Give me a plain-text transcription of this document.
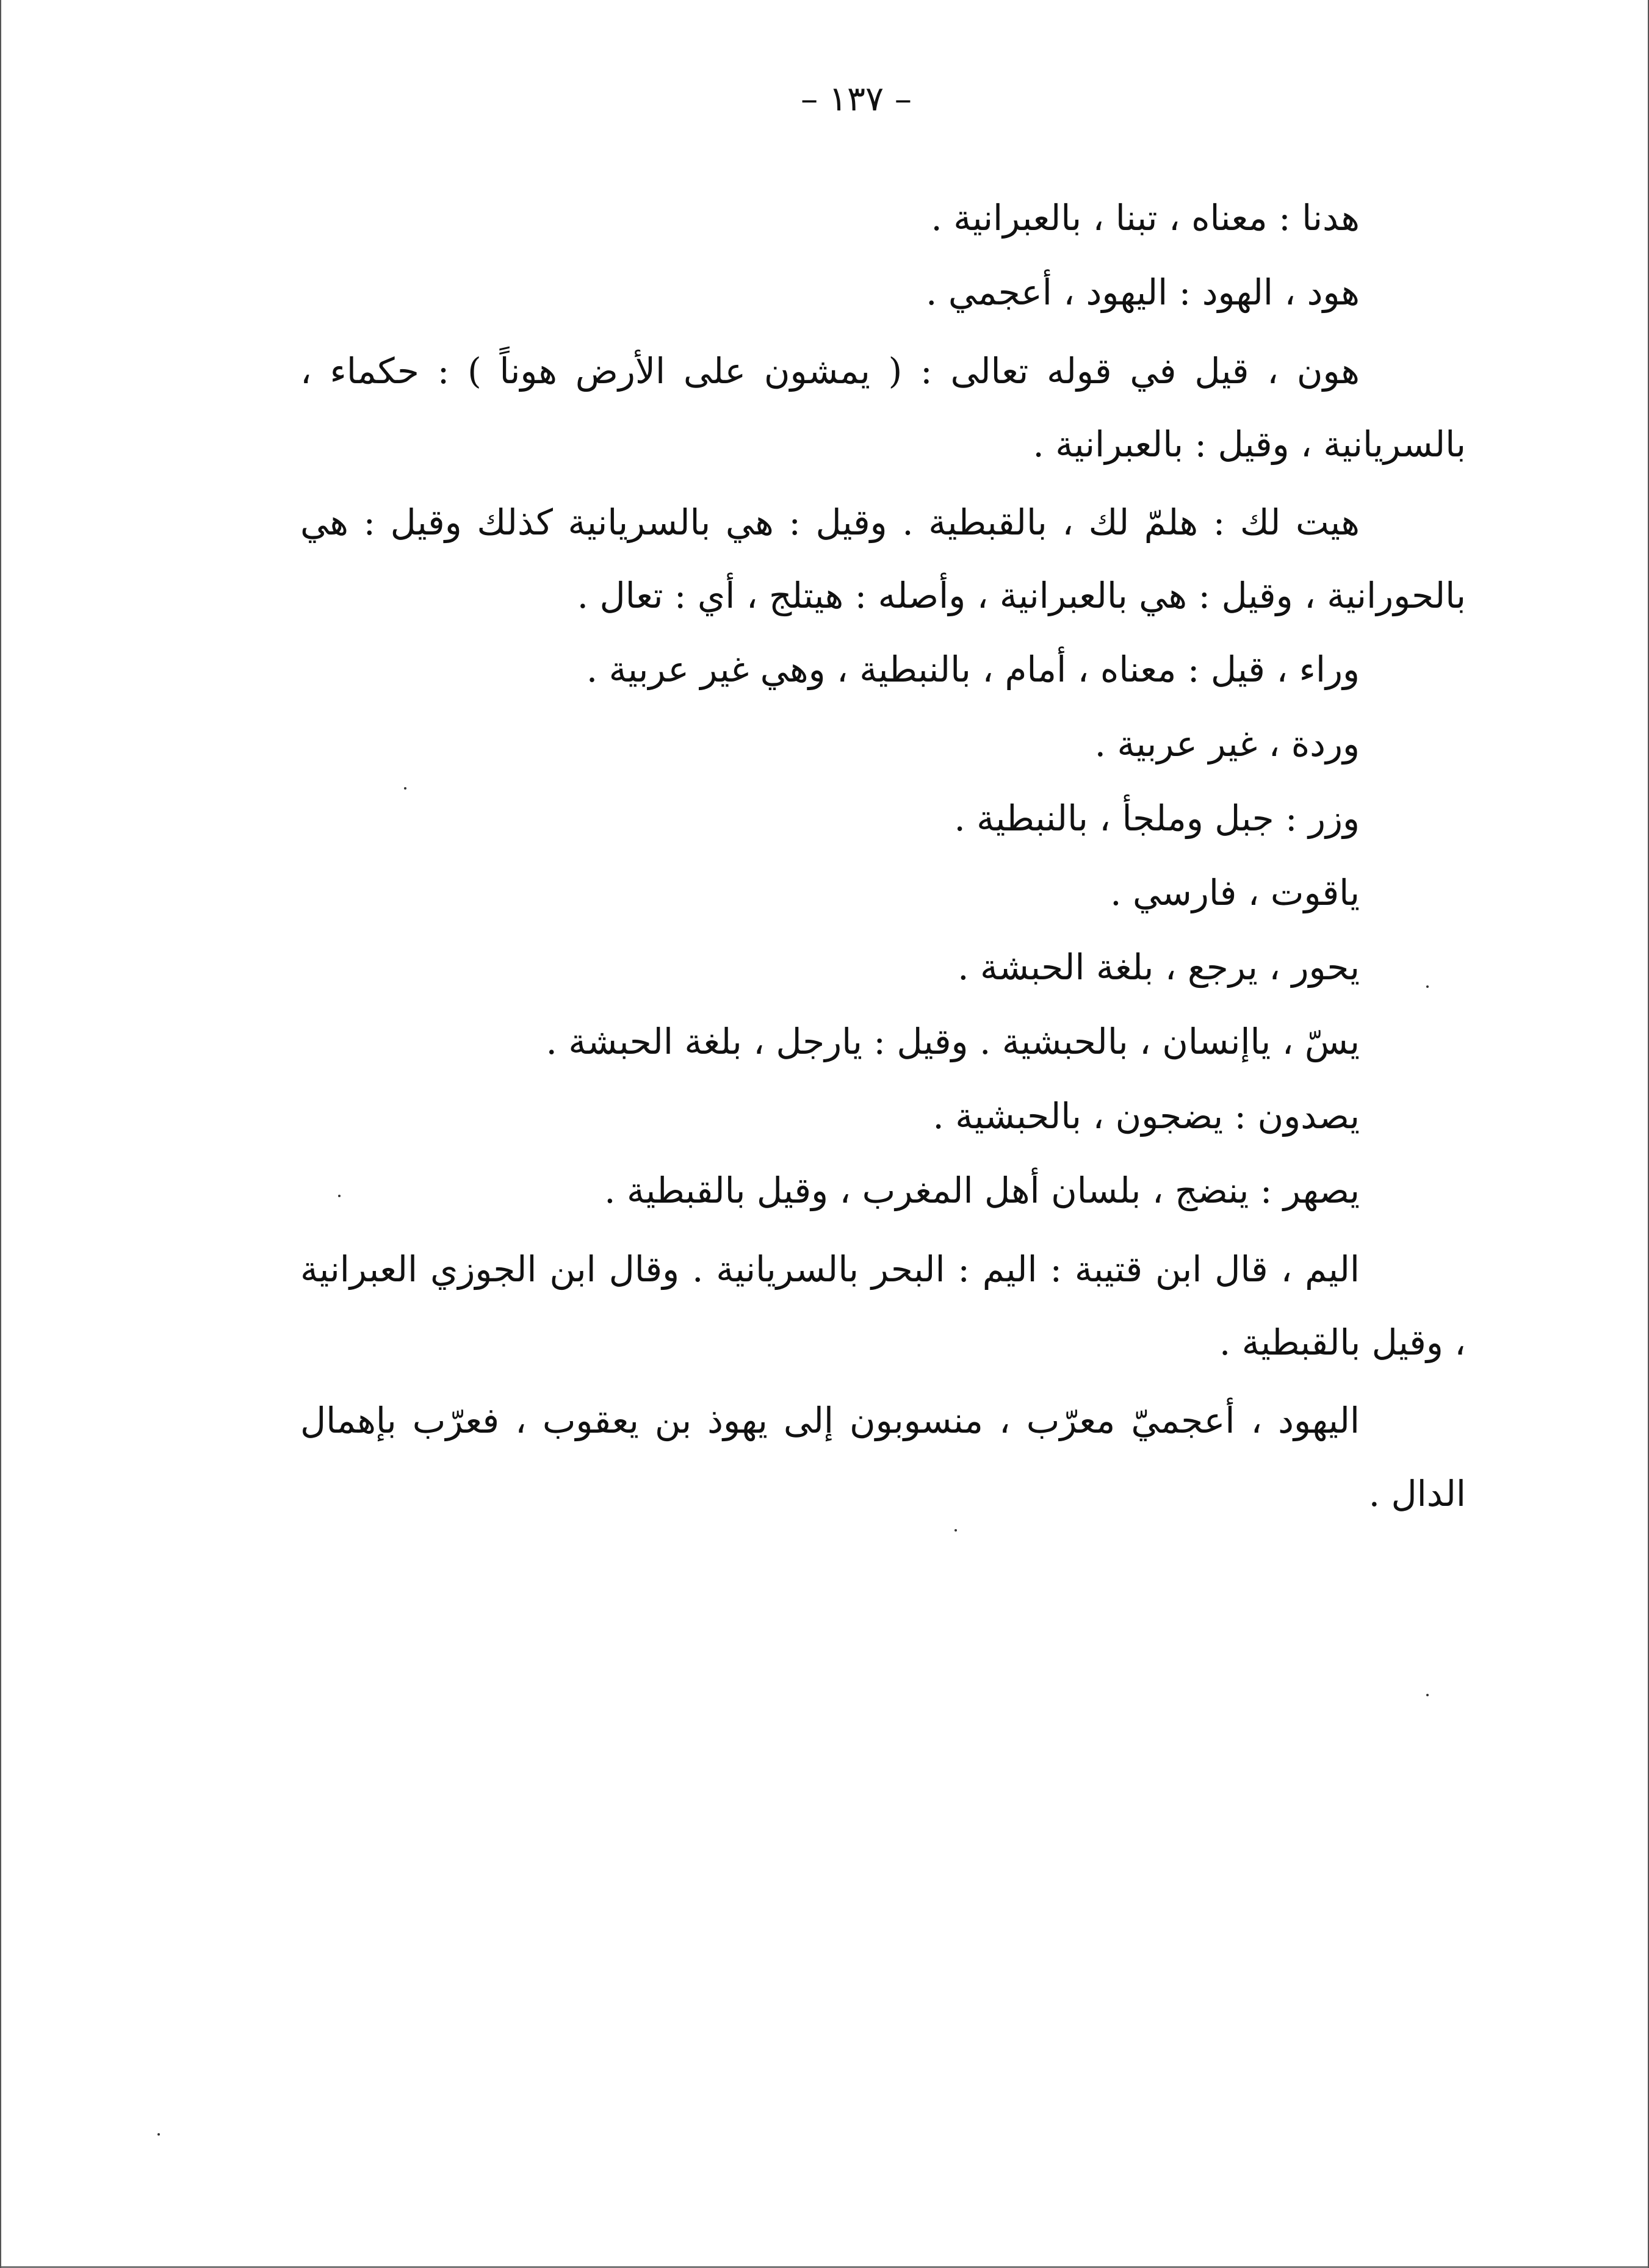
– ١٣٧ –

هدنا : معناه ، تبنا ، بالعبرانية .

هود ، الهود : اليهود ، أعجمي .

هون ، قيل في قوله تعالى : ( يمشون على الأرض هوناً ) : حكماء ، بالسريانية ، وقيل : بالعبرانية .

هيت لك : هلمّ لك ، بالقبطية . وقيل : هي بالسريانية كذلك وقيل : هي بالحورانية ، وقيل : هي بالعبرانية ، وأصله : هيتلج ، أي : تعال .

وراء ، قيل : معناه ، أمام ، بالنبطية ، وهي غير عربية .

وردة ، غير عربية .

وزر : جبل وملجأ ، بالنبطية .

ياقوت ، فارسي .

يحور ، يرجع ، بلغة الحبشة .

يسّ ، ياإنسان ، بالحبشية . وقيل : يارجل ، بلغة الحبشة .

يصدون : يضجون ، بالحبشية .

يصهر : ينضج ، بلسان أهل المغرب ، وقيل بالقبطية .

اليم ، قال ابن قتيبة : اليم : البحر بالسريانية . وقال ابن الجوزي العبرانية ، وقيل بالقبطية .

اليهود ، أعجميّ معرّب ، منسوبون إلى يهوذ بن يعقوب ، فعرّب بإهمال الدال .
